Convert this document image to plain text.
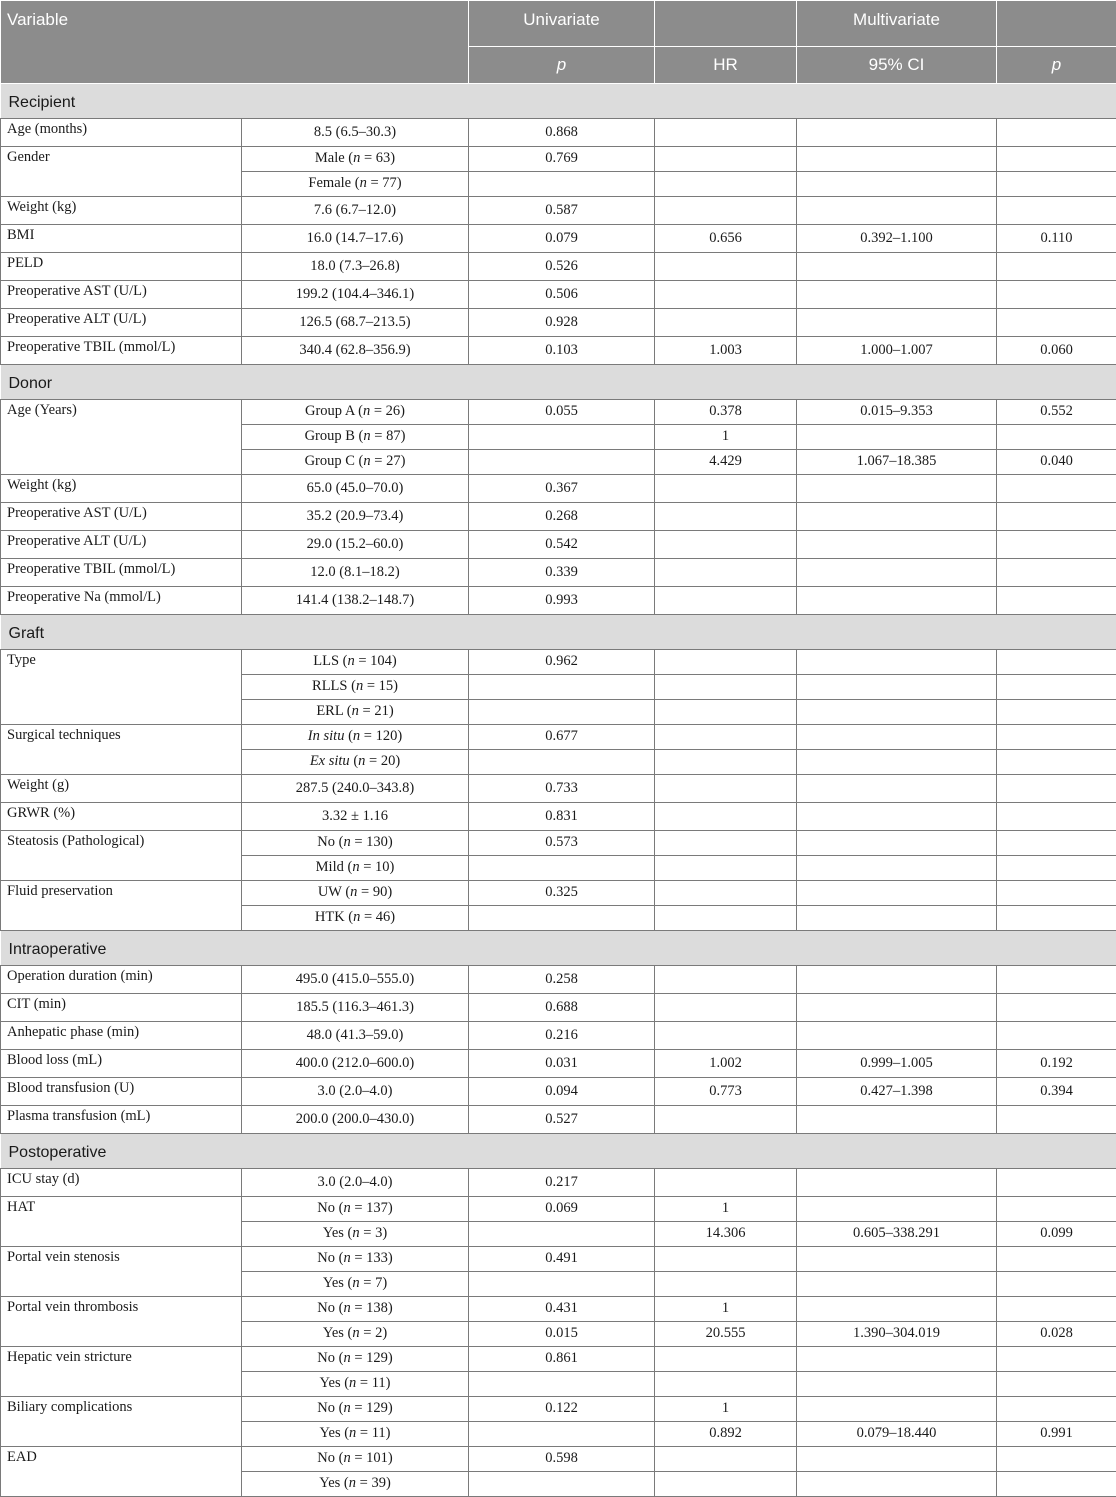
Variable		Univariate		Multivariate	
		p	HR	95% CI	p
Recipient					
Age (months)	8.5 (6.5–30.3)	0.868			
Gender	Male (n = 63)	0.769			
	Female (n = 77)				
Weight (kg)	7.6 (6.7–12.0)	0.587			
BMI	16.0 (14.7–17.6)	0.079	0.656	0.392–1.100	0.110
PELD	18.0 (7.3–26.8)	0.526			
Preoperative AST (U/L)	199.2 (104.4–346.1)	0.506			
Preoperative ALT (U/L)	126.5 (68.7–213.5)	0.928			
Preoperative TBIL (mmol/L)	340.4 (62.8–356.9)	0.103	1.003	1.000–1.007	0.060
Donor					
Age (Years)	Group A (n = 26)	0.055	0.378	0.015–9.353	0.552
	Group B (n = 87)		1		
	Group C (n = 27)		4.429	1.067–18.385	0.040
Weight (kg)	65.0 (45.0–70.0)	0.367			
Preoperative AST (U/L)	35.2 (20.9–73.4)	0.268			
Preoperative ALT (U/L)	29.0 (15.2–60.0)	0.542			
Preoperative TBIL (mmol/L)	12.0 (8.1–18.2)	0.339			
Preoperative Na (mmol/L)	141.4 (138.2–148.7)	0.993			
Graft					
Type	LLS (n = 104)	0.962			
	RLLS (n = 15)				
	ERL (n = 21)				
Surgical techniques	In situ (n = 120)	0.677			
	Ex situ (n = 20)				
Weight (g)	287.5 (240.0–343.8)	0.733			
GRWR (%)	3.32 ± 1.16	0.831			
Steatosis (Pathological)	No (n = 130)	0.573			
	Mild (n = 10)				
Fluid preservation	UW (n = 90)	0.325			
	HTK (n = 46)				
Intraoperative					
Operation duration (min)	495.0 (415.0–555.0)	0.258			
CIT (min)	185.5 (116.3–461.3)	0.688			
Anhepatic phase (min)	48.0 (41.3–59.0)	0.216			
Blood loss (mL)	400.0 (212.0–600.0)	0.031	1.002	0.999–1.005	0.192
Blood transfusion (U)	3.0 (2.0–4.0)	0.094	0.773	0.427–1.398	0.394
Plasma transfusion (mL)	200.0 (200.0–430.0)	0.527			
Postoperative					
ICU stay (d)	3.0 (2.0–4.0)	0.217			
HAT	No (n = 137)	0.069	1		
	Yes (n = 3)		14.306	0.605–338.291	0.099
Portal vein stenosis	No (n = 133)	0.491			
	Yes (n = 7)				
Portal vein thrombosis	No (n = 138)	0.431	1		
	Yes (n = 2)	0.015	20.555	1.390–304.019	0.028
Hepatic vein stricture	No (n = 129)	0.861			
	Yes (n = 11)				
Biliary complications	No (n = 129)	0.122	1		
	Yes (n = 11)		0.892	0.079–18.440	0.991
EAD	No (n = 101)	0.598			
	Yes (n = 39)				
